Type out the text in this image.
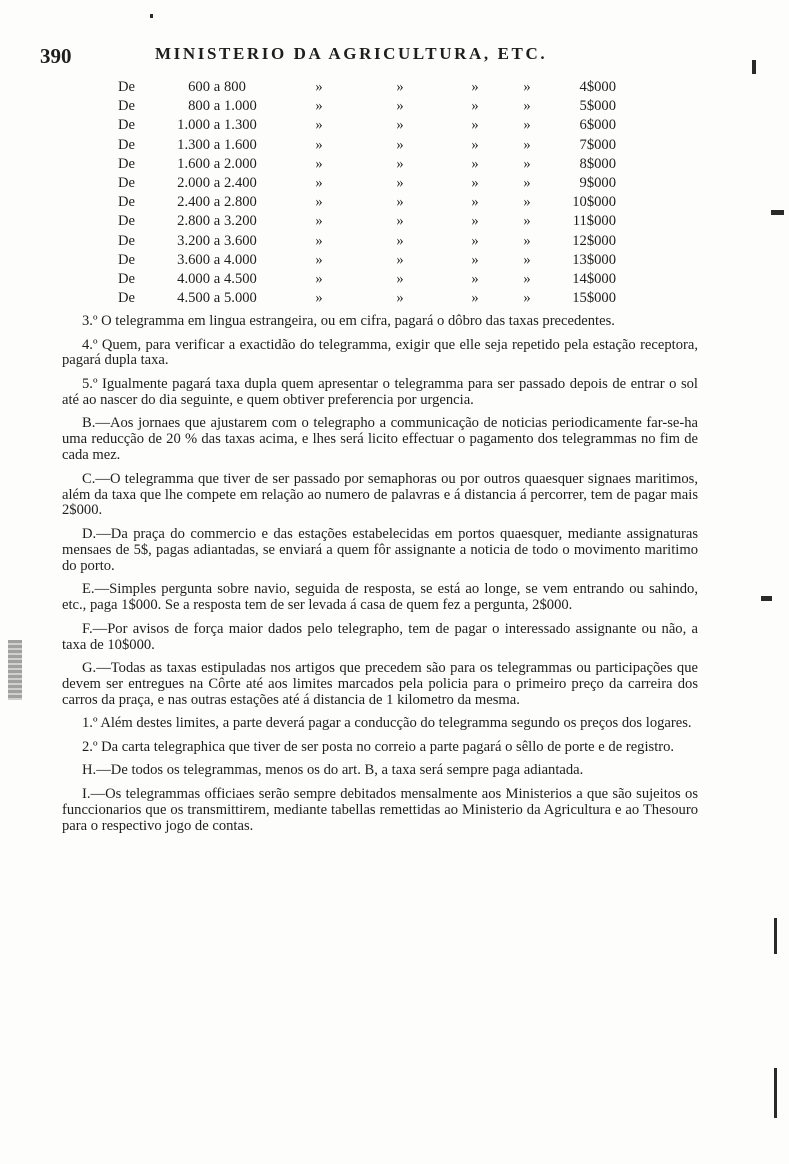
390	MINISTERIO DA AGRICULTURA, ETC.
De	600	a	800	»	»	»	»	4$000
De	800	a	1.000	»	»	»	»	5$000
De	1.000	a	1.300	»	»	»	»	6$000
De	1.300	a	1.600	»	»	»	»	7$000
De	1.600	a	2.000	»	»	»	»	8$000
De	2.000	a	2.400	»	»	»	»	9$000
De	2.400	a	2.800	»	»	»	»	10$000
De	2.800	a	3.200	»	»	»	»	11$000
De	3.200	a	3.600	»	»	»	»	12$000
De	3.600	a	4.000	»	»	»	»	13$000
De	4.000	a	4.500	»	»	»	»	14$000
De	4.500	a	5.000	»	»	»	»	15$000

3.º O telegramma em lingua estrangeira, ou em cifra, pagará o dôbro das taxas precedentes.

4.º Quem, para verificar a exactidão do telegramma, exigir que elle seja repetido pela estação receptora, pagará dupla taxa.

5.º Igualmente pagará taxa dupla quem apresentar o telegramma para ser passado depois de entrar o sol até ao nascer do dia seguinte, e quem obtiver preferencia por urgencia.

B.—Aos jornaes que ajustarem com o telegrapho a communicação de noticias periodicamente far-se-ha uma reducção de 20 % das taxas acima, e lhes será licito effectuar o pagamento dos telegrammas no fim de cada mez.

C.—O telegramma que tiver de ser passado por semaphoras ou por outros quaesquer signaes maritimos, além da taxa que lhe compete em relação ao numero de palavras e á distancia á percorrer, tem de pagar mais 2$000.

D.—Da praça do commercio e das estações estabelecidas em portos quaesquer, mediante assignaturas mensaes de 5$, pagas adiantadas, se enviará a quem fôr assignante a noticia de todo o movimento maritimo do porto.

E.—Simples pergunta sobre navio, seguida de resposta, se está ao longe, se vem entrando ou sahindo, etc., paga 1$000. Se a resposta tem de ser levada á casa de quem fez a pergunta, 2$000.

F.—Por avisos de força maior dados pelo telegrapho, tem de pagar o interessado assignante ou não, a taxa de 10$000.

G.—Todas as taxas estipuladas nos artigos que precedem são para os telegrammas ou participações que devem ser entregues na Côrte até aos limites marcados pela policia para o primeiro preço da carreira dos carros da praça, e nas outras estações até á distancia de 1 kilometro da mesma.

1.º Além destes limites, a parte deverá pagar a conducção do telegramma segundo os preços dos logares.

2.º Da carta telegraphica que tiver de ser posta no correio a parte pagará o sêllo de porte e de registro.

H.—De todos os telegrammas, menos os do art. B, a taxa será sempre paga adiantada.

I.—Os telegrammas officiaes serão sempre debitados mensalmente aos Ministerios a que são sujeitos os funccionarios que os transmittirem, mediante tabellas remettidas ao Ministerio da Agricultura e ao Thesouro para o respectivo jogo de contas.
